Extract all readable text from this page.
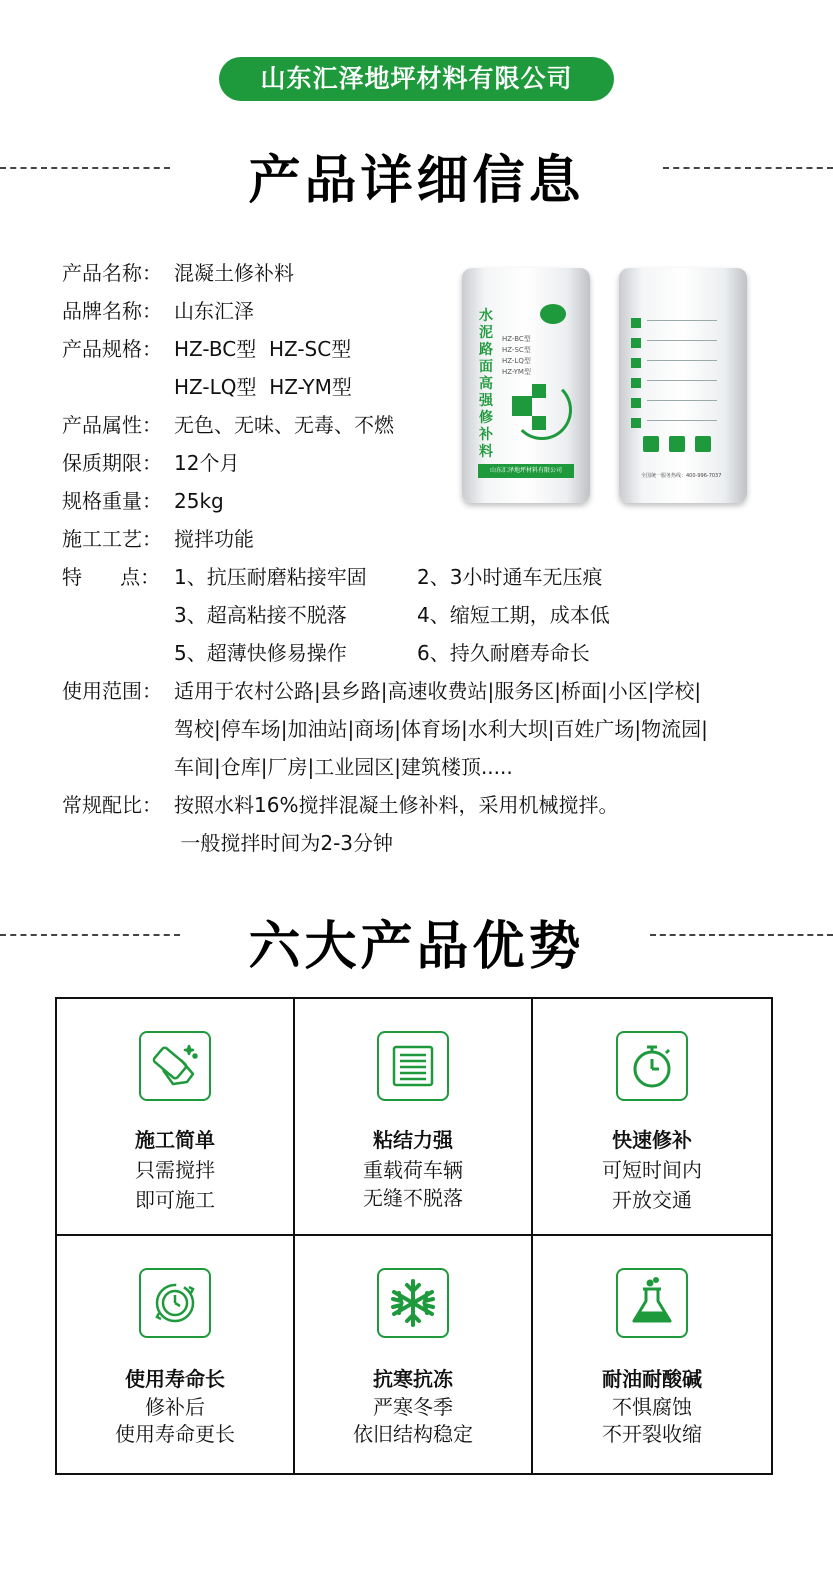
山东汇泽地坪材料有限公司
产品详细信息
产品名称： 混凝土修补料
品牌名称： 山东汇泽
产品规格： HZ-BC型  HZ-SC型
HZ-LQ型  HZ-YM型
产品属性： 无色、无味、无毒、不燃
保质期限： 12个月
规格重量： 25kg
施工工艺： 搅拌功能
特      点： 1、抗压耐磨粘接牢固	2、3小时通车无压痕
3、超高粘接不脱落	4、缩短工期，成本低
5、超薄快修易操作	6、持久耐磨寿命长
使用范围： 适用于农村公路|县乡路|高速收费站|服务区|桥面|小区|学校|
驾校|停车场|加油站|商场|体育场|水利大坝|百姓广场|物流园|
车间|仓库|厂房|工业园区|建筑楼顶.....
常规配比： 按照水料16%搅拌混凝土修补料，采用机械搅拌。
一般搅拌时间为2-3分钟
水泥路面高强修补料
HZ-BC型
HZ-SC型
HZ-LQ型
HZ-YM型
山东汇泽地坪材料有限公司
全国统一服务热线：400-996-7037
六大产品优势
施工简单
只需搅拌
即可施工
粘结力强
重载荷车辆
无缝不脱落
快速修补
可短时间内
开放交通
使用寿命长
修补后
使用寿命更长
抗寒抗冻
严寒冬季
依旧结构稳定
耐油耐酸碱
不惧腐蚀
不开裂收缩
